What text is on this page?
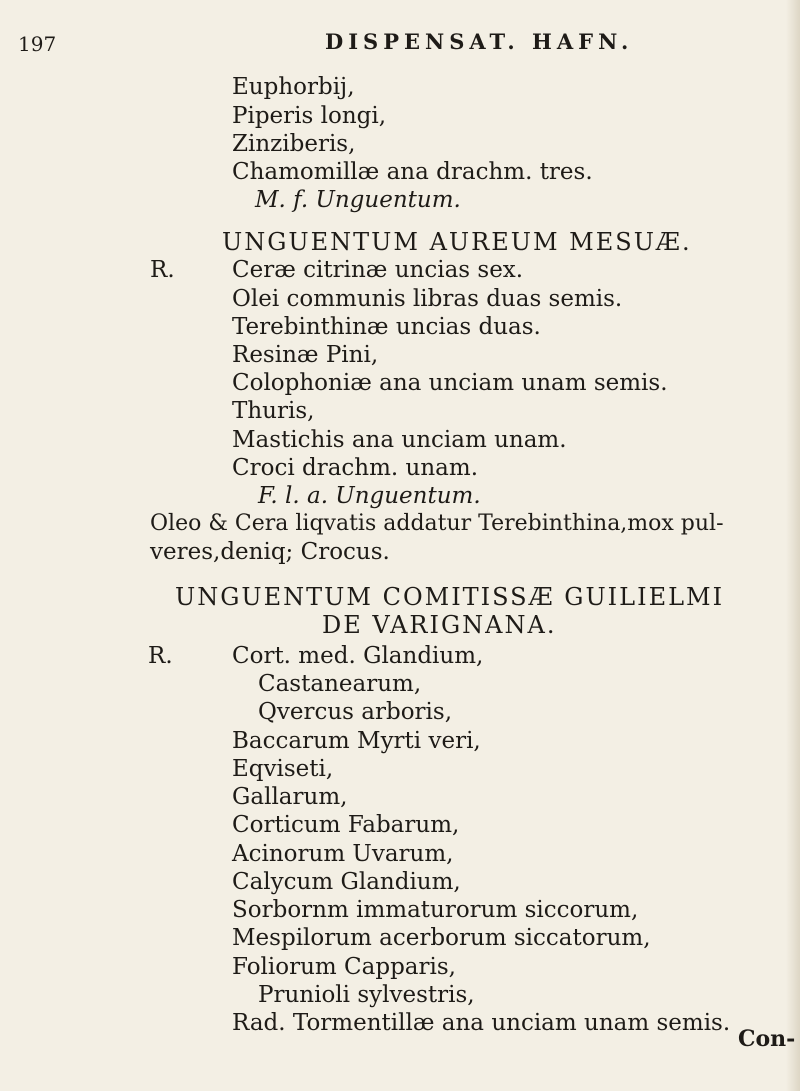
197	DISPENSAT. HAFN.
Euphorbij,
Piperis longi,
Zinziberis,
Chamomillæ ana drachm. tres.
M. f. Unguentum.
UNGUENTUM AUREUM MESUÆ.
R. Ceræ citrinæ uncias sex.
Olei communis libras duas semis.
Terebinthinæ uncias duas.
Resinæ Pini,
Colophoniæ ana unciam unam semis.
Thuris,
Mastichis ana unciam unam.
Croci drachm. unam.
F. l. a. Unguentum.
Oleo & Cera liqvatis addatur Terebinthina,mox pul-
veres,deniq; Crocus.
UNGUENTUM COMITISSÆ GUILIELMI
DE VARIGNANA.
R.	Cort. med. Glandium,
Castanearum,
Qvercus arboris,
Baccarum Myrti veri,
Eqviseti,
Gallarum,
Corticum Fabarum,
Acinorum Uvarum,
Calycum Glandium,
Sorbornm immaturorum siccorum,
Mespilorum acerborum siccatorum,
Foliorum Capparis,
Prunioli sylvestris,
Rad. Tormentillæ ana unciam unam semis.
Con-
